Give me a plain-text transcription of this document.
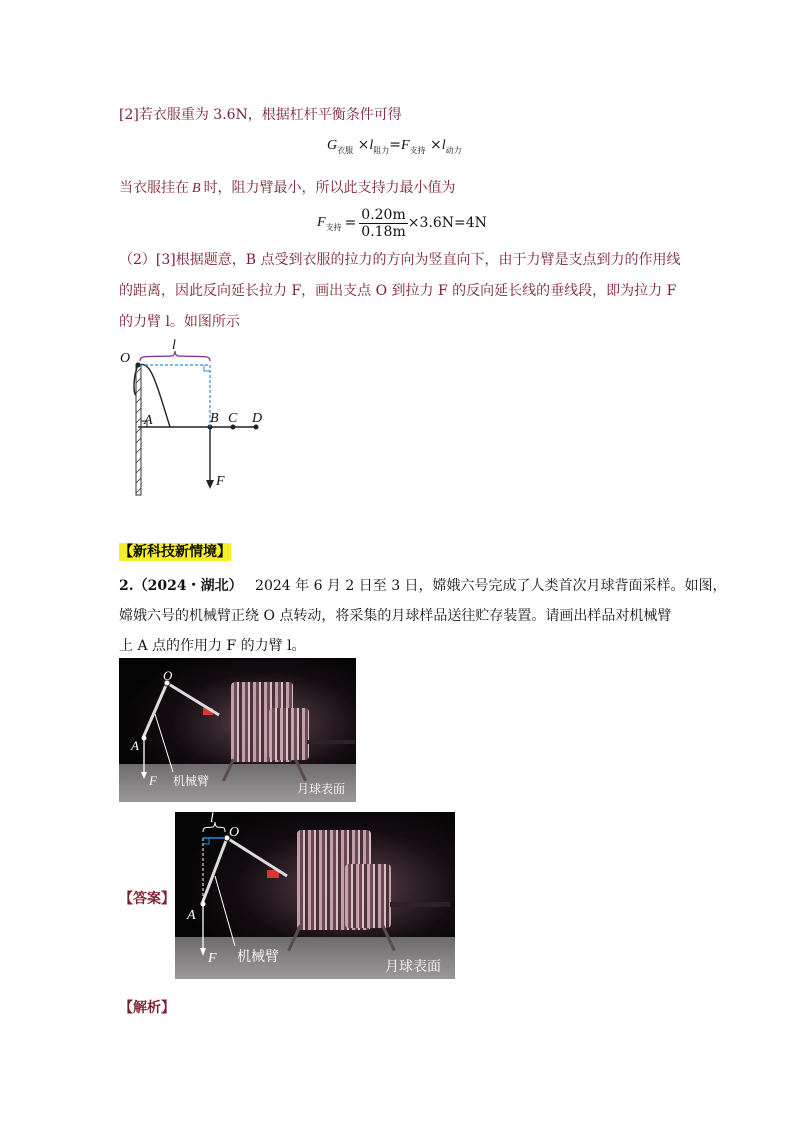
[2]若衣服重为 3.6N，根据杠杆平衡条件可得
$G_{衣服} \times l_{阻力}=F_{支持} \times l_{动力}$
当衣服挂在 B 时，阻力臂最小，所以此支持力最小值为
F 支持 = $\frac{0.20m}{0.18m} \times 3.6N=4N$
（2）[3]根据题意，B 点受到衣服的拉力的方向为竖直向下，由于力臂是支点到力的作用线
的距离，因此反向延长拉力 F，画出支点 O 到拉力 F 的反向延长线的垂线段，即为拉力 F
的力臂 l。如图所示
O
l
A	B C D
F
【新科技新情境】
2.（2024・湖北） 2024 年 6 月 2 日至 3 日，嫦娥六号完成了人类首次月球背面采样。如图，
嫦娥六号的机械臂正绕 O 点转动，将采集的月球样品送往贮存装置。请画出样品对机械臂
上 A 点的作用力 F 的力臂 l。
O
A
F 机械臂
月球表面
【答案】
l
O
A
F 机械臂
月球表面
【解析】
